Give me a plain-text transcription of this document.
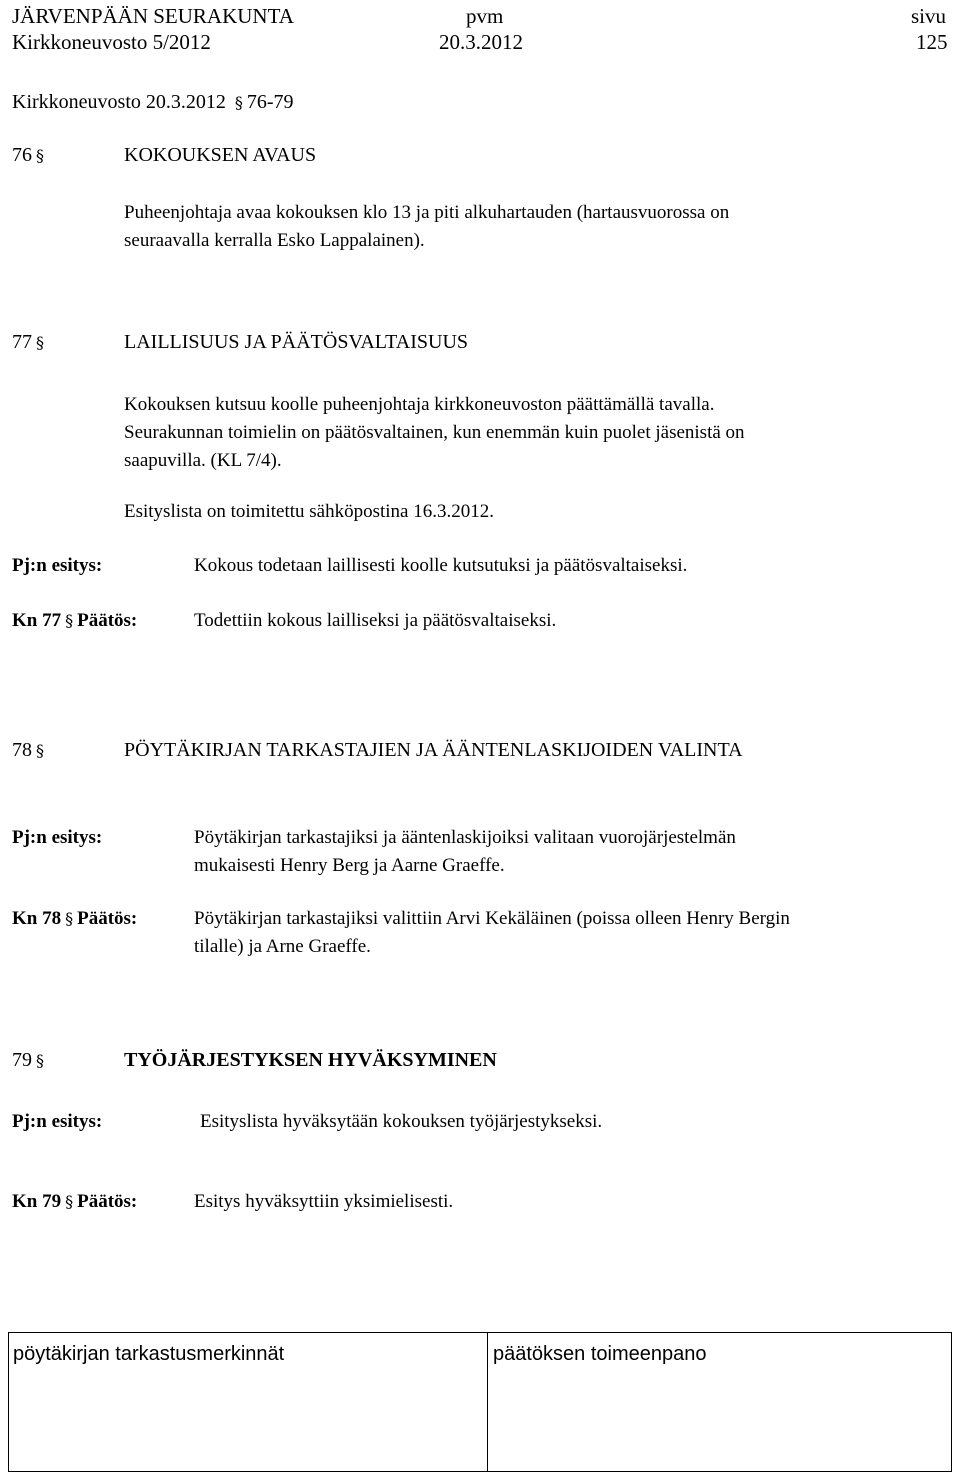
JÄRVENPÄÄN SEURAKUNTA	pvm	sivu
Kirkkoneuvosto 5/2012	20.3.2012	125
Kirkkoneuvosto 20.3.2012 § 76-79
76 §	KOKOUKSEN AVAUS
Puheenjohtaja avaa kokouksen klo 13 ja piti alkuhartauden (hartausvuorossa on
seuraavalla kerralla Esko Lappalainen).
77 §	LAILLISUUS JA PÄÄTÖSVALTAISUUS
Kokouksen kutsuu koolle puheenjohtaja kirkkoneuvoston päättämällä tavalla.
Seurakunnan toimielin on päätösvaltainen, kun enemmän kuin puolet jäsenistä on
saapuvilla. (KL 7/4).
Esityslista on toimitettu sähköpostina 16.3.2012.
Pj:n esitys:	Kokous todetaan laillisesti koolle kutsutuksi ja päätösvaltaiseksi.
Kn 77 § Päätös:	Todettiin kokous lailliseksi ja päätösvaltaiseksi.
78 §	PÖYTÄKIRJAN TARKASTAJIEN JA ÄÄNTENLASKIJOIDEN VALINTA
Pj:n esitys:	Pöytäkirjan tarkastajiksi ja ääntenlaskijoiksi valitaan vuorojärjestelmän
mukaisesti Henry Berg ja Aarne Graeffe.
Kn 78 § Päätös:	Pöytäkirjan tarkastajiksi valittiin Arvi Kekäläinen (poissa olleen Henry Bergin
tilalle) ja Arne Graeffe.
79 §	TYÖJÄRJESTYKSEN HYVÄKSYMINEN
Pj:n esitys:	Esityslista hyväksytään kokouksen työjärjestykseksi.
Kn 79 § Päätös:	Esitys hyväksyttiin yksimielisesti.
pöytäkirjan tarkastusmerkinnät	päätöksen toimeenpano
